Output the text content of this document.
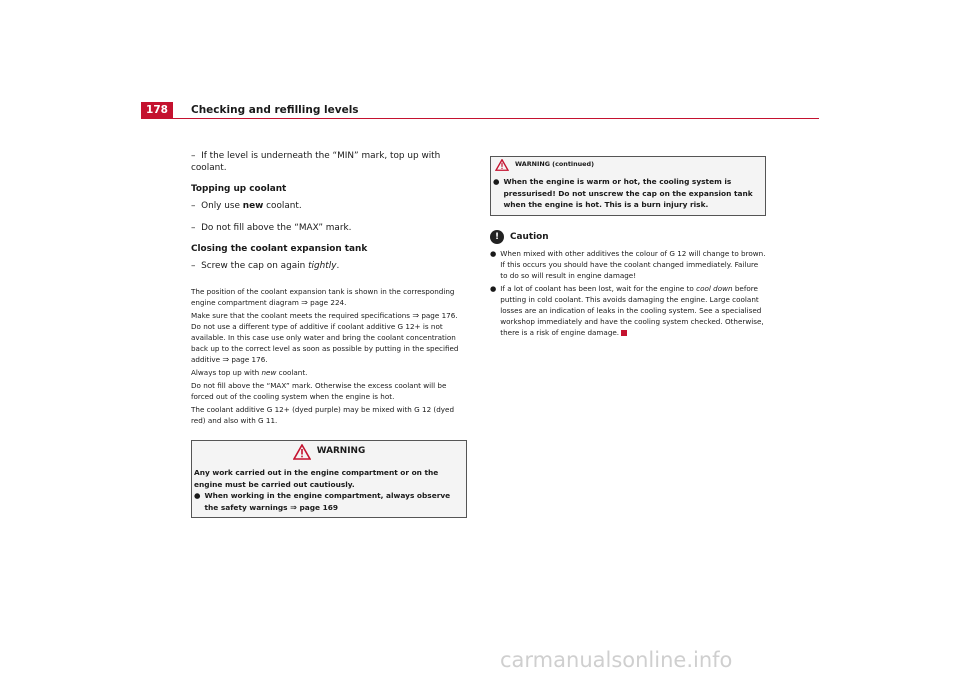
178	Checking and refilling levels

– If the level is underneath the “MIN” mark, top up with coolant.

Topping up coolant

– Only use new coolant.

– Do not fill above the “MAX” mark.

Closing the coolant expansion tank

– Screw the cap on again tightly.

The position of the coolant expansion tank is shown in the corresponding engine compartment diagram ⇒ page 224.

Make sure that the coolant meets the required specifications ⇒ page 176. Do not use a different type of additive if coolant additive G 12+ is not available. In this case use only water and bring the coolant concentration back up to the correct level as soon as possible by putting in the specified additive ⇒ page 176.

Always top up with new coolant.

Do not fill above the “MAX” mark. Otherwise the excess coolant will be forced out of the cooling system when the engine is hot.

The coolant additive G 12+ (dyed purple) may be mixed with G 12 (dyed red) and also with G 11.

WARNING
Any work carried out in the engine compartment or on the engine must be carried out cautiously.
● When working in the engine compartment, always observe the safety warnings ⇒ page 169
WARNING (continued)
● When the engine is warm or hot, the cooling system is pressurised! Do not unscrew the cap on the expansion tank when the engine is hot. This is a burn injury risk.
!	Caution
● When mixed with other additives the colour of G 12 will change to brown. If this occurs you should have the coolant changed immediately. Failure to do so will result in engine damage!
● If a lot of coolant has been lost, wait for the engine to cool down before putting in cold coolant. This avoids damaging the engine. Large coolant losses are an indication of leaks in the cooling system. See a specialised workshop immediately and have the cooling system checked. Otherwise, there is a risk of engine damage.
carmanualsonline.info
